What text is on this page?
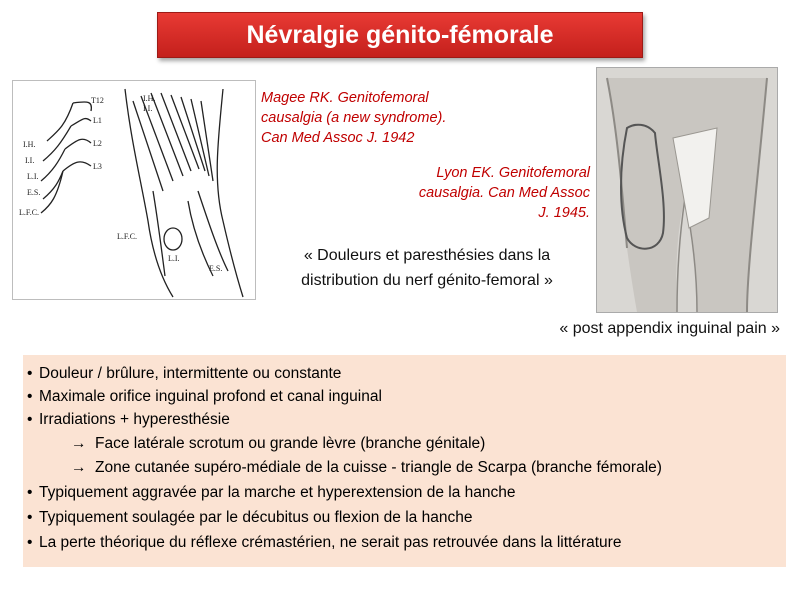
Névralgie génito-fémorale
T12
L1
L2
L3
I.H.
I.I.
L.I.
E.S.
L.F.C.
I.H.
I.I.
L.F.C.
L.I.
E.S.
Magee RK. Genitofemoral
causalgia (a new syndrome).
Can Med Assoc J. 1942
Lyon EK. Genitofemoral
causalgia. Can Med Assoc
J. 1945.
« Douleurs et paresthésies dans la
distribution du nerf génito-femoral »
« post appendix inguinal pain »
• Douleur / brûlure, intermittente ou constante
• Maximale orifice inguinal profond et canal inguinal
• Irradiations + hyperesthésie
→ Face latérale scrotum ou grande lèvre (branche génitale)
→ Zone cutanée supéro-médiale de la cuisse - triangle de Scarpa (branche fémorale)
• Typiquement aggravée par la marche et hyperextension de la hanche
• Typiquement soulagée par le décubitus ou flexion de la hanche
• La perte théorique du réflexe crémastérien, ne serait pas retrouvée dans la littérature
